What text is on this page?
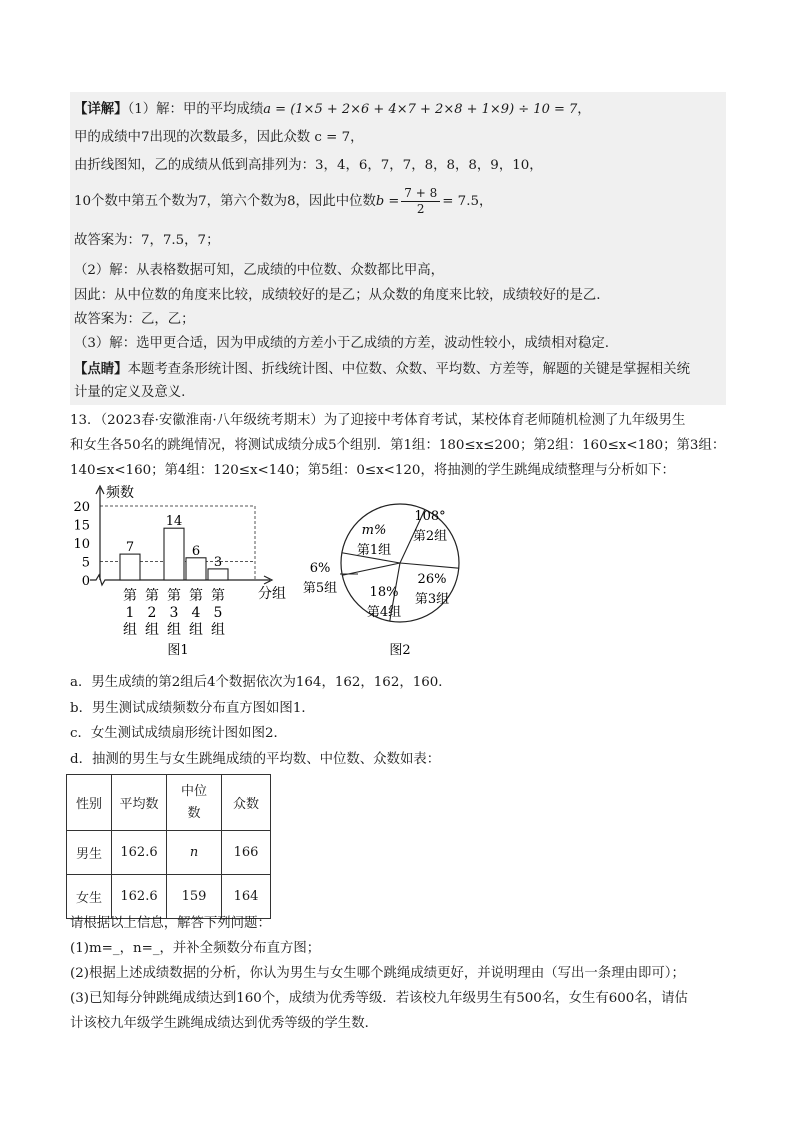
【详解】（1）解：甲的平均成绩a = (1×5 + 2×6 + 4×7 + 2×8 + 1×9) ÷ 10 = 7，
甲的成绩中7出现的次数最多，因此众数 c = 7，
由折线图知，乙的成绩从低到高排列为：3，4，6，7，7，8，8，8，9，10，
10个数中第五个数为7，第六个数为8，因此中位数$b = \frac{7 + 8}{2} = 7.5$，
故答案为：7，7.5，7；
（2）解：从表格数据可知，乙成绩的中位数、众数都比甲高，
因此：从中位数的角度来比较，成绩较好的是乙；从众数的角度来比较，成绩较好的是乙.
故答案为：乙，乙；
（3）解：选甲更合适，因为甲成绩的方差小于乙成绩的方差，波动性较小，成绩相对稳定.
【点睛】本题考查条形统计图、折线统计图、中位数、众数、平均数、方差等，解题的关键是掌握相关统
计量的定义及意义.
13．（2023春·安徽淮南·八年级统考期末）为了迎接中考体育考试，某校体育老师随机检测了九年级男生
和女生各50名的跳绳情况，将测试成绩分成5个组别．第1组：180≤x≤200；第2组：160≤x<180；第3组：
140≤x<160；第4组：120≤x<140；第5组：0≤x<120，将抽测的学生跳绳成绩整理与分析如下：
频数
分组
0
5
10
15
20
7
第
1
组
第
2
组
14
第
3
组
6
第
4
组
3
第
5
组
图1
m%
第1组
108°
第2组
26%
第3组
18%
第4组
6%
第5组
图2
a．男生成绩的第2组后4个数据依次为164，162，162，160．
b．男生测试成绩频数分布直方图如图1．
c．女生测试成绩扇形统计图如图2．
d．抽测的男生与女生跳绳成绩的平均数、中位数、众数如表：
性别	平均数	中位
数	众数
男生	162.6	n	166
女生	162.6	159	164
请根据以上信息，解答下列问题：
(1)m=_，n=_，并补全频数分布直方图；
(2)根据上述成绩数据的分析，你认为男生与女生哪个跳绳成绩更好，并说明理由（写出一条理由即可）；
(3)已知每分钟跳绳成绩达到160个，成绩为优秀等级．若该校九年级男生有500名，女生有600名，请估
计该校九年级学生跳绳成绩达到优秀等级的学生数．
